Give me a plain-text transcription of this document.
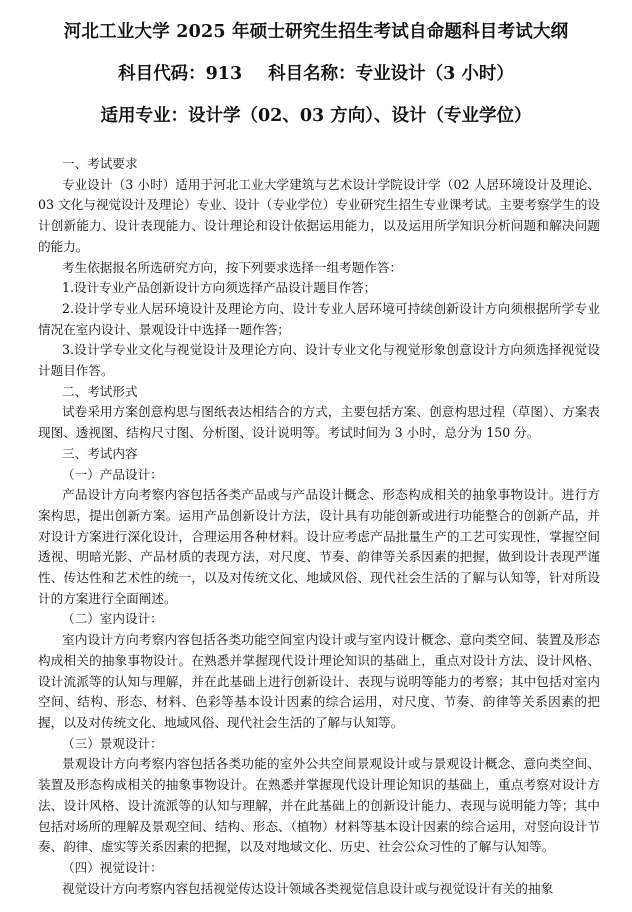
河北工业大学 2025 年硕士研究生招生考试自命题科目考试大纲
科目代码：913 科目名称：专业设计（3 小时）
适用专业：设计学（02、03 方向）、设计（专业学位）

一、考试要求

专业设计（3 小时）适用于河北工业大学建筑与艺术设计学院设计学（02 人居环境设计及理论、03 文化与视觉设计及理论）专业、设计（专业学位）专业研究生招生专业课考试。主要考察学生的设计创新能力、设计表现能力、设计理论和设计依据运用能力，以及运用所学知识分析问题和解决问题的能力。

考生依据报名所选研究方向，按下列要求选择一组考题作答：

1.设计专业产品创新设计方向须选择产品设计题目作答；

2.设计学专业人居环境设计及理论方向、设计专业人居环境可持续创新设计方向须根据所学专业情况在室内设计、景观设计中选择一题作答；

3.设计学专业文化与视觉设计及理论方向、设计专业文化与视觉形象创意设计方向须选择视觉设计题目作答。

二、考试形式

试卷采用方案创意构思与图纸表达相结合的方式，主要包括方案、创意构思过程（草图）、方案表现图、透视图、结构尺寸图、分析图、设计说明等。考试时间为 3 小时，总分为 150 分。

三、考试内容

（一）产品设计：

产品设计方向考察内容包括各类产品或与产品设计概念、形态构成相关的抽象事物设计。进行方案构思，提出创新方案。运用产品创新设计方法，设计具有功能创新或进行功能整合的创新产品，并对设计方案进行深化设计，合理运用各种材料。设计应考虑产品批量生产的工艺可实现性，掌握空间透视、明暗光影、产品材质的表现方法，对尺度、节奏、韵律等关系因素的把握，做到设计表现严谨性、传达性和艺术性的统一，以及对传统文化、地域风俗、现代社会生活的了解与认知等，针对所设计的方案进行全面阐述。

（二）室内设计：

室内设计方向考察内容包括各类功能空间室内设计或与室内设计概念、意向类空间、装置及形态构成相关的抽象事物设计。在熟悉并掌握现代设计理论知识的基础上，重点对设计方法、设计风格、设计流派等的认知与理解，并在此基础上进行创新设计、表现与说明等能力的考察；其中包括对室内空间、结构、形态、材料、色彩等基本设计因素的综合运用，对尺度、节奏、韵律等关系因素的把握，以及对传统文化、地域风俗、现代社会生活的了解与认知等。

（三）景观设计：

景观设计方向考察内容包括各类功能的室外公共空间景观设计或与景观设计概念、意向类空间、装置及形态构成相关的抽象事物设计。在熟悉并掌握现代设计理论知识的基础上，重点考察对设计方法、设计风格、设计流派等的认知与理解，并在此基础上的创新设计能力、表现与说明能力等；其中包括对场所的理解及景观空间、结构、形态、（植物）材料等基本设计因素的综合运用，对竖向设计节奏、韵律、虚实等关系因素的把握，以及对地域文化、历史、社会公众习性的了解与认知等。

（四）视觉设计：

视觉设计方向考察内容包括视觉传达设计领域各类视觉信息设计或与视觉设计有关的抽象
